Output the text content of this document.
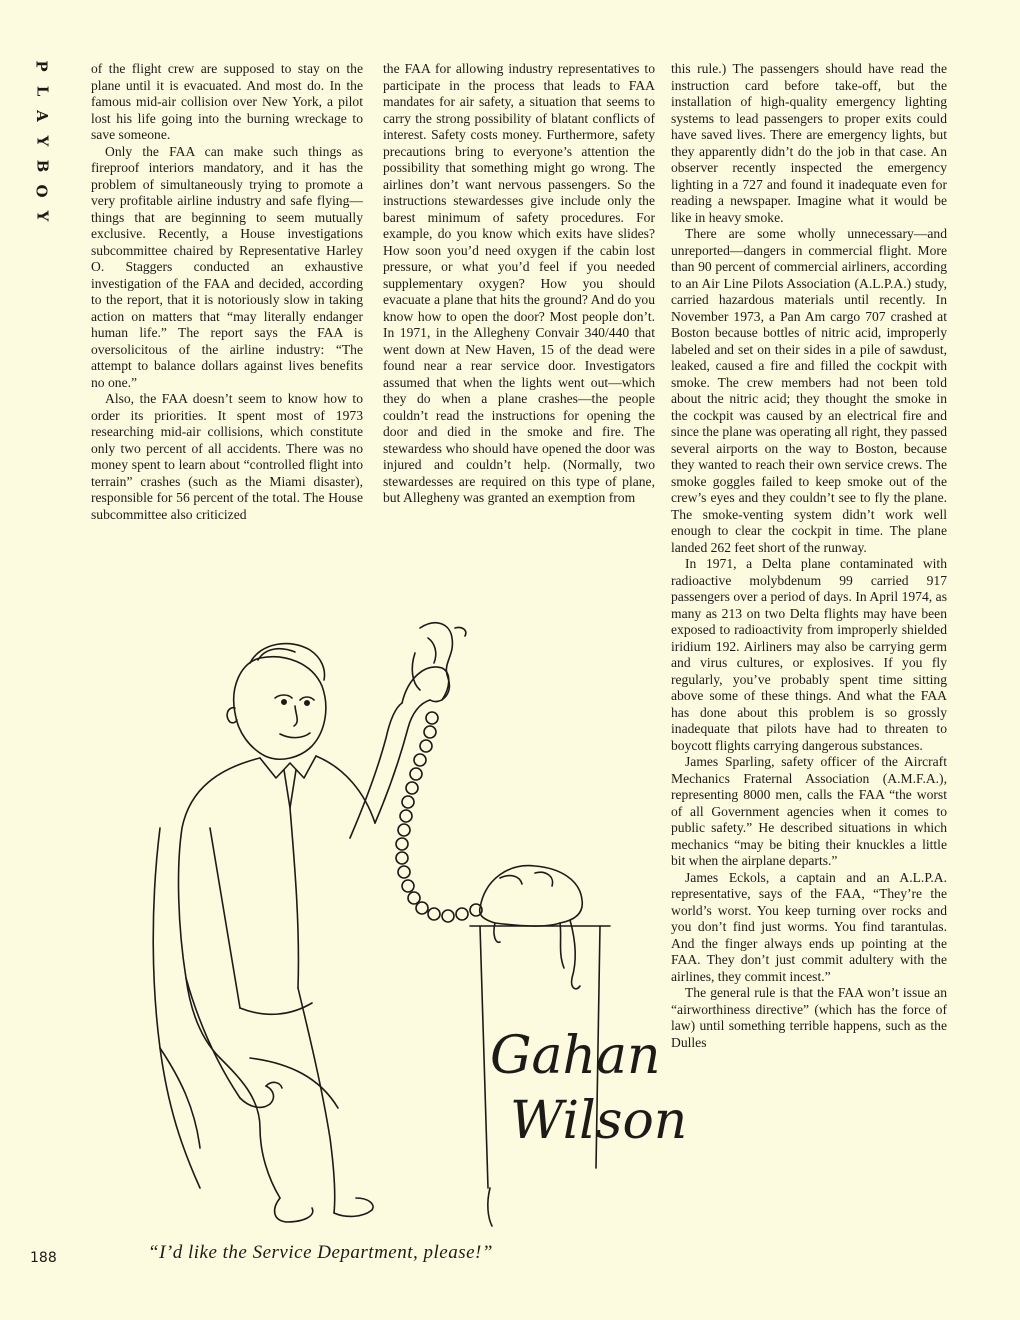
P
L
A
Y
B
O
Y

of the flight crew are supposed to stay on the plane until it is evacuated. And most do. In the famous mid-air collision over New York, a pilot lost his life going into the burning wreckage to save someone.

Only the FAA can make such things as fireproof interiors mandatory, and it has the problem of simultaneously trying to promote a very profitable airline industry and safe flying—things that are beginning to seem mutually exclusive. Recently, a House investigations subcommittee chaired by Representative Harley O. Staggers conducted an exhaustive investigation of the FAA and decided, according to the report, that it is notoriously slow in taking action on matters that “may literally endanger human life.” The report says the FAA is oversolicitous of the airline industry: “The attempt to balance dollars against lives benefits no one.”

Also, the FAA doesn’t seem to know how to order its priorities. It spent most of 1973 researching mid-air collisions, which constitute only two percent of all accidents. There was no money spent to learn about “controlled flight into terrain” crashes (such as the Miami disaster), responsible for 56 percent of the total. The House subcommittee also criticized

the FAA for allowing industry representatives to participate in the process that leads to FAA mandates for air safety, a situation that seems to carry the strong possibility of blatant conflicts of interest. Safety costs money. Furthermore, safety precautions bring to everyone’s attention the possibility that something might go wrong. The airlines don’t want nervous passengers. So the instructions stewardesses give include only the barest minimum of safety procedures. For example, do you know which exits have slides? How soon you’d need oxygen if the cabin lost pressure, or what you’d feel if you needed supplementary oxygen? How you should evacuate a plane that hits the ground? And do you know how to open the door? Most people don’t. In 1971, in the Allegheny Convair 340/440 that went down at New Haven, 15 of the dead were found near a rear service door. Investigators assumed that when the lights went out—which they do when a plane crashes—the people couldn’t read the instructions for opening the door and died in the smoke and fire. The stewardess who should have opened the door was injured and couldn’t help. (Normally, two stewardesses are required on this type of plane, but Allegheny was granted an exemption from

this rule.) The passengers should have read the instruction card before take-off, but the installation of high-quality emergency lighting systems to lead passengers to proper exits could have saved lives. There are emergency lights, but they apparently didn’t do the job in that case. An observer recently inspected the emergency lighting in a 727 and found it inadequate even for reading a newspaper. Imagine what it would be like in heavy smoke.

There are some wholly unnecessary—and unreported—dangers in commercial flight. More than 90 percent of commercial airliners, according to an Air Line Pilots Association (A.L.P.A.) study, carried hazardous materials until recently. In November 1973, a Pan Am cargo 707 crashed at Boston because bottles of nitric acid, improperly labeled and set on their sides in a pile of sawdust, leaked, caused a fire and filled the cockpit with smoke. The crew members had not been told about the nitric acid; they thought the smoke in the cockpit was caused by an electrical fire and since the plane was operating all right, they passed several airports on the way to Boston, because they wanted to reach their own service crews. The smoke goggles failed to keep smoke out of the crew’s eyes and they couldn’t see to fly the plane. The smoke-venting system didn’t work well enough to clear the cockpit in time. The plane landed 262 feet short of the runway.

In 1971, a Delta plane contaminated with radioactive molybdenum 99 carried 917 passengers over a period of days. In April 1974, as many as 213 on two Delta flights may have been exposed to radioactivity from improperly shielded iridium 192. Airliners may also be carrying germ and virus cultures, or explosives. If you fly regularly, you’ve probably spent time sitting above some of these things. And what the FAA has done about this problem is so grossly inadequate that pilots have had to threaten to boycott flights carrying dangerous substances.

James Sparling, safety officer of the Aircraft Mechanics Fraternal Association (A.M.F.A.), representing 8000 men, calls the FAA “the worst of all Government agencies when it comes to public safety.” He described situations in which mechanics “may be biting their knuckles a little bit when the airplane departs.”

James Eckols, a captain and an A.L.P.A. representative, says of the FAA, “They’re the world’s worst. You keep turning over rocks and you don’t find just worms. You find tarantulas. And the finger always ends up pointing at the FAA. They don’t just commit adultery with the airlines, they commit incest.”

The general rule is that the FAA won’t issue an “airworthiness directive” (which has the force of law) until something terrible happens, such as the Dulles

Gahan
Wilson
188	“I’d like the Service Department, please!”
